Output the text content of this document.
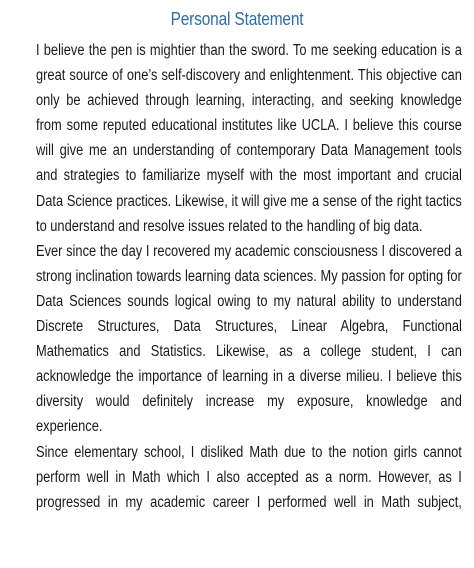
Personal Statement
I believe the pen is mightier than the sword. To me seeking education is a
great source of one’s self-discovery and enlightenment. This objective can
only be achieved through learning, interacting, and seeking knowledge
from some reputed educational institutes like UCLA. I believe this course
will give me an understanding of contemporary Data Management tools
and strategies to familiarize myself with the most important and crucial
Data Science practices. Likewise, it will give me a sense of the right tactics
to understand and resolve issues related to the handling of big data.
Ever since the day I recovered my academic consciousness I discovered a
strong inclination towards learning data sciences. My passion for opting for
Data Sciences sounds logical owing to my natural ability to understand
Discrete Structures, Data Structures, Linear Algebra, Functional
Mathematics and Statistics. Likewise, as a college student, I can
acknowledge the importance of learning in a diverse milieu. I believe this
diversity would definitely increase my exposure, knowledge and
experience.
Since elementary school, I disliked Math due to the notion girls cannot
perform well in Math which I also accepted as a norm. However, as I
progressed in my academic career I performed well in Math subject,
